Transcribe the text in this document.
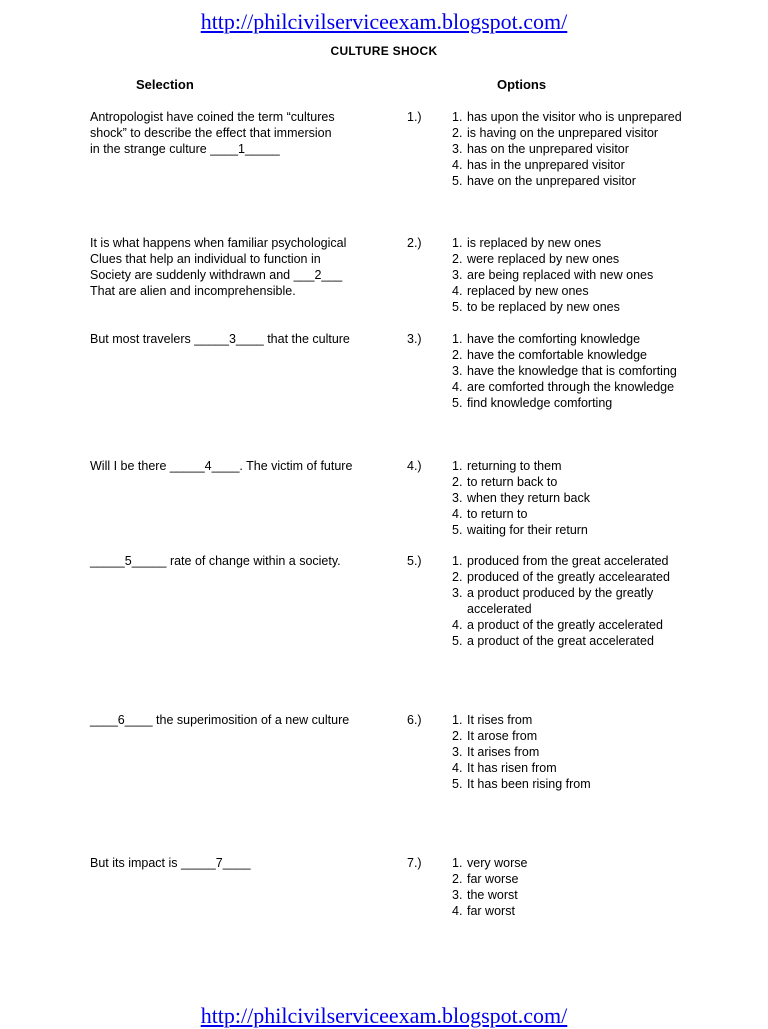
http://philcivilserviceexam.blogspot.com/
CULTURE SHOCK
Selection	Options
Antropologist have coined the term “cultures
shock” to describe the effect that immersion
in the strange culture ____1_____
1.) 1. has upon the visitor who is unprepared
2. is having on the unprepared visitor
3. has on the unprepared visitor
4. has in the unprepared visitor
5. have on the unprepared visitor
It is what happens when familiar psychological
Clues that help an individual to function in
Society are suddenly withdrawn and ___2___
That are alien and incomprehensible.
2.) 1. is replaced by new ones
2. were replaced by new ones
3. are being replaced with new ones
4. replaced by new ones
5. to be replaced by new ones
But most travelers _____3____ that the culture	3.) 1. have the comforting knowledge
2. have the comfortable knowledge
3. have the knowledge that is comforting
4. are comforted through the knowledge
5. find knowledge comforting
Will I be there _____4____. The victim of future	4.) 1. returning to them
2. to return back to
3. when they return back
4. to return to
5. waiting for their return
_____5_____ rate of change within a society.	5.) 1. produced from the great accelerated
2. produced of the greatly accelearated
3. a product produced by the greatly accelerated
4. a product of the greatly accelerated
5. a product of the great accelerated
____6____ the superimosition of a new culture	6.) 1. It rises from
2. It arose from
3. It arises from
4. It has risen from
5. It has been rising from
But its impact is _____7____	7.) 1. very worse
2. far worse
3. the worst
4. far worst
http://philcivilserviceexam.blogspot.com/
